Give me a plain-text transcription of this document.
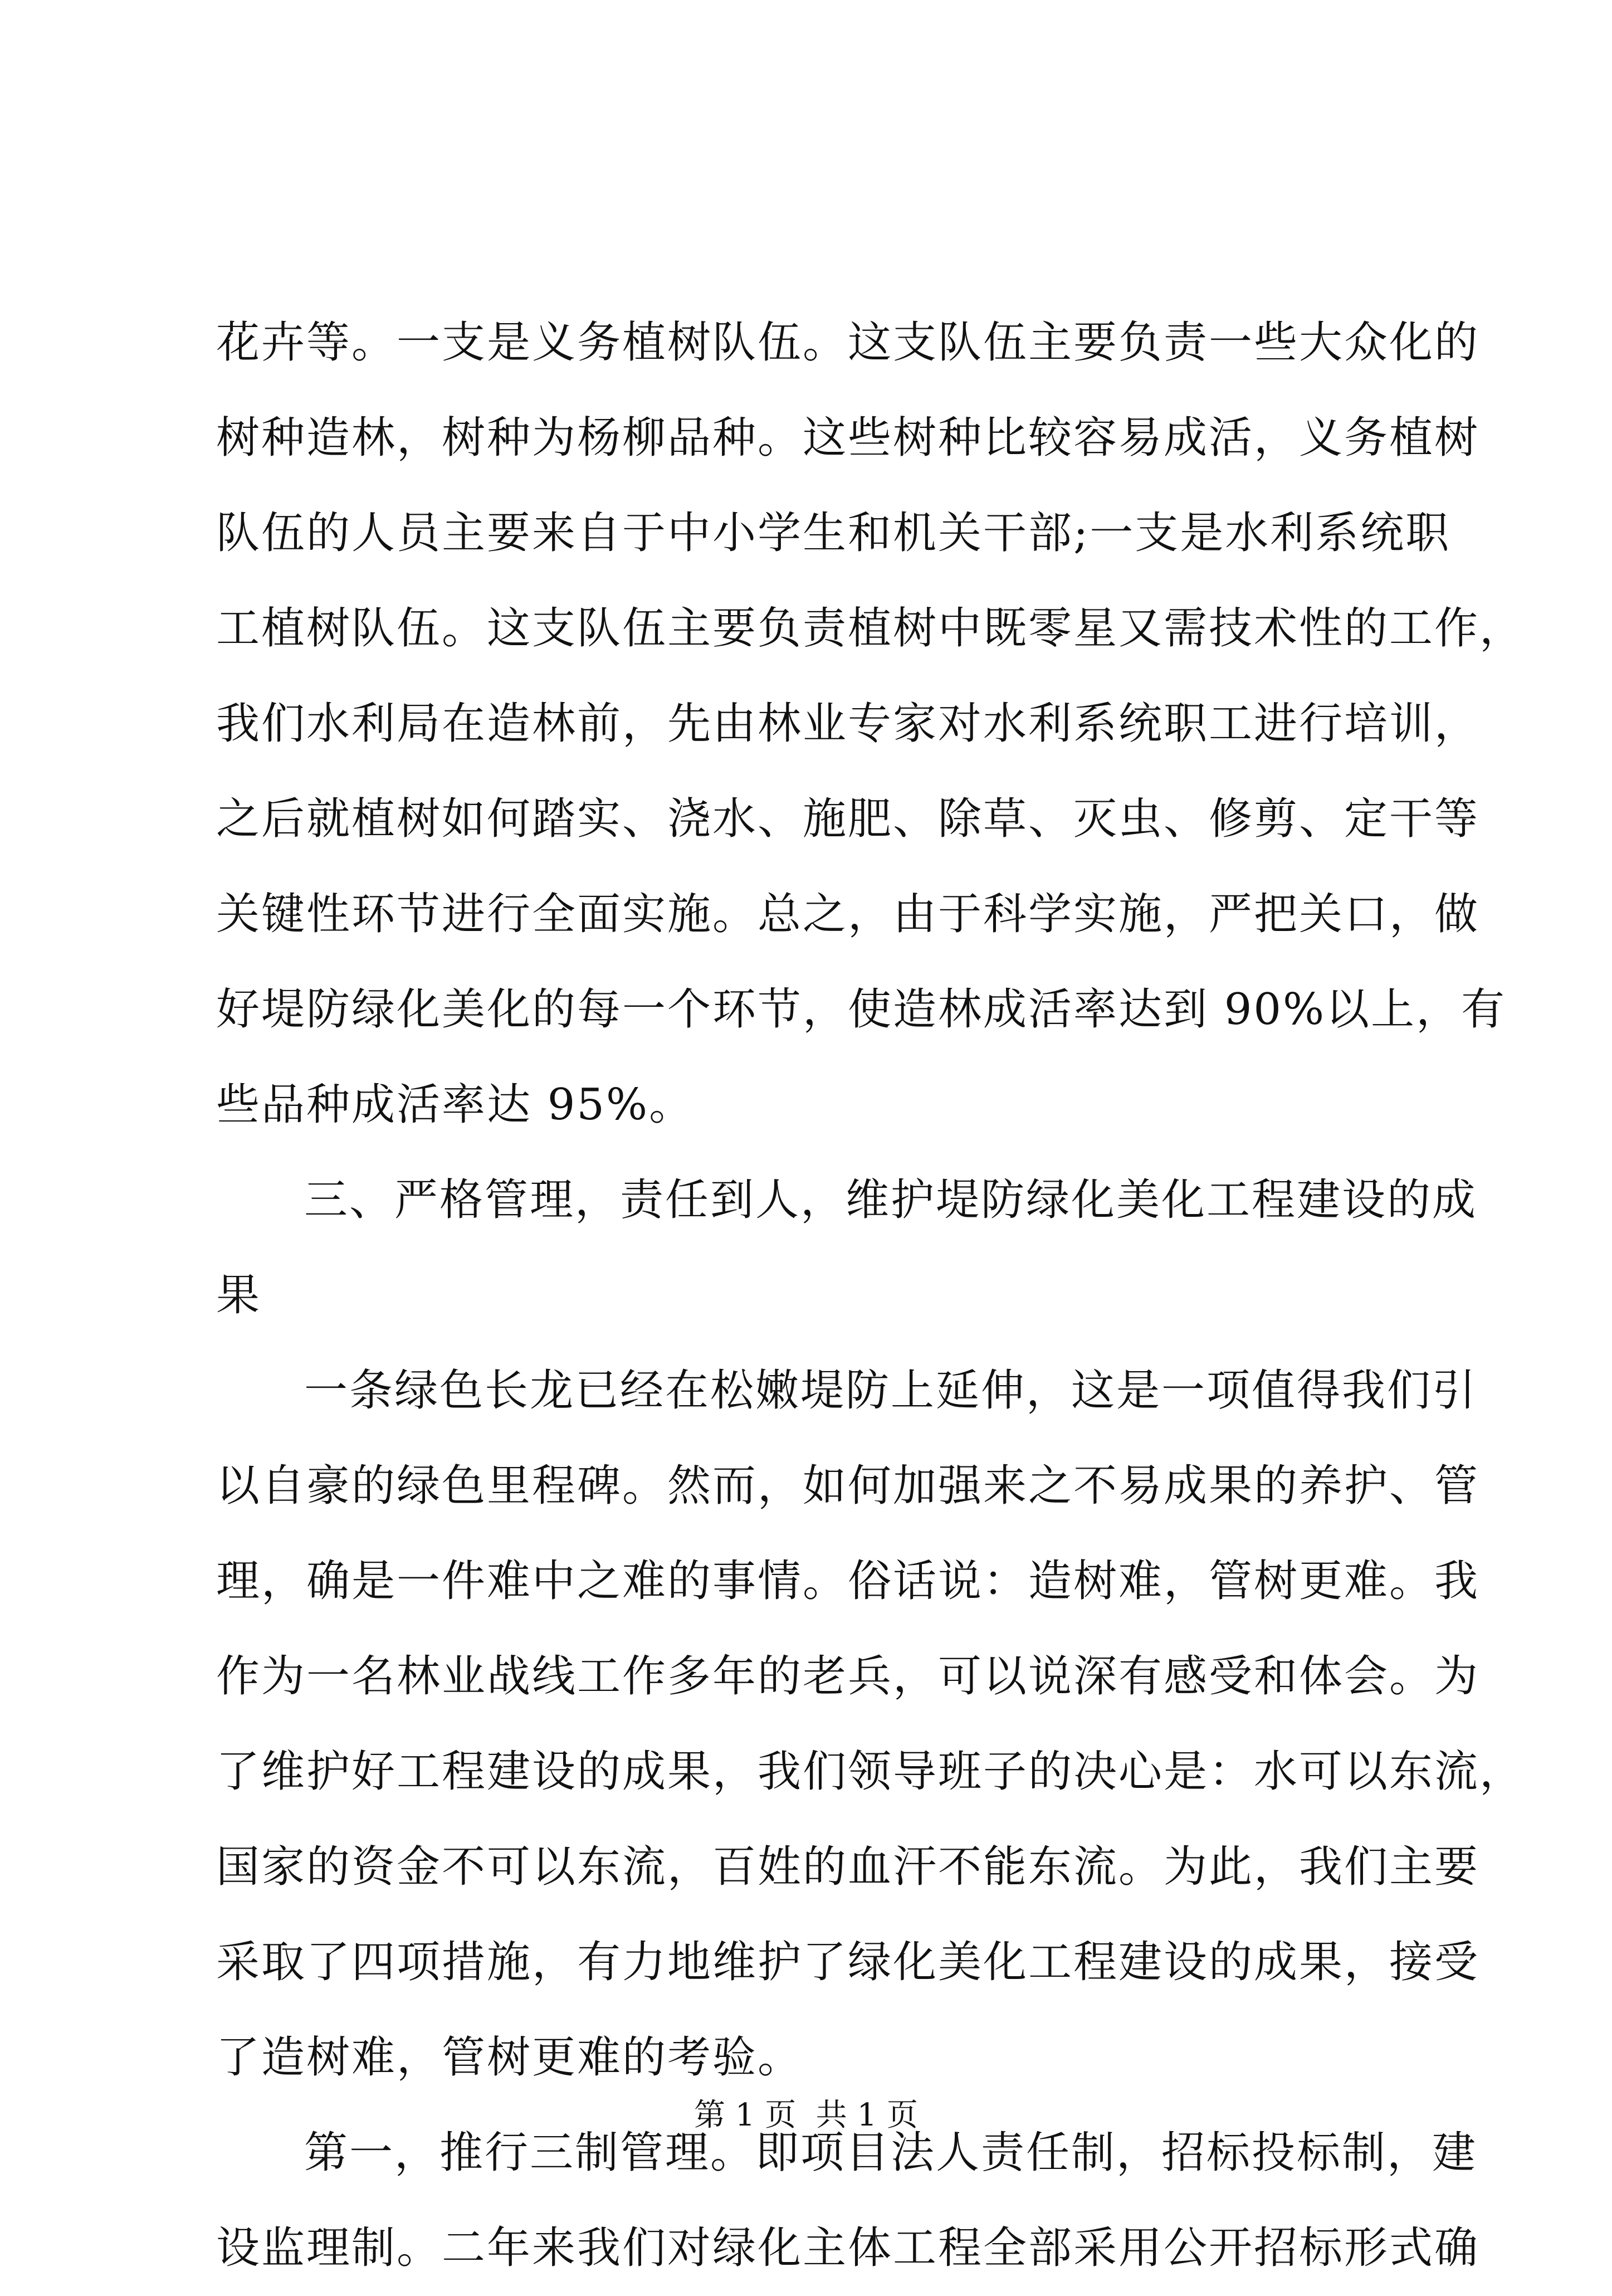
花卉等。一支是义务植树队伍。这支队伍主要负责一些大众化的
树种造林，树种为杨柳品种。这些树种比较容易成活，义务植树
队伍的人员主要来自于中小学生和机关干部;一支是水利系统职
工植树队伍。这支队伍主要负责植树中既零星又需技术性的工作，
我们水利局在造林前，先由林业专家对水利系统职工进行培训，
之后就植树如何踏实、浇水、施肥、除草、灭虫、修剪、定干等
关键性环节进行全面实施。总之，由于科学实施，严把关口，做
好堤防绿化美化的每一个环节，使造林成活率达到 90%以上，有
些品种成活率达 95%。
三、严格管理，责任到人，维护堤防绿化美化工程建设的成
果
一条绿色长龙已经在松嫩堤防上延伸，这是一项值得我们引
以自豪的绿色里程碑。然而，如何加强来之不易成果的养护、管
理，确是一件难中之难的事情。俗话说：造树难，管树更难。我
作为一名林业战线工作多年的老兵，可以说深有感受和体会。为
了维护好工程建设的成果，我们领导班子的决心是：水可以东流，
国家的资金不可以东流，百姓的血汗不能东流。为此，我们主要
采取了四项措施，有力地维护了绿化美化工程建设的成果，接受
了造树难，管树更难的考验。
第一，推行三制管理。即项目法人责任制，招标投标制，建
设监理制。二年来我们对绿化主体工程全部采用公开招标形式确
第 1 页  共 1 页
